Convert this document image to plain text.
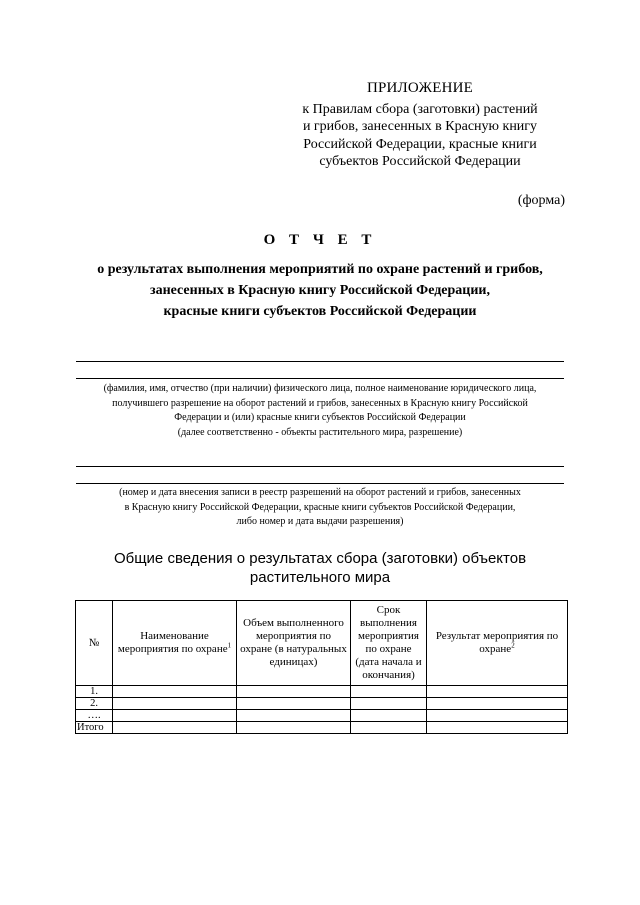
ПРИЛОЖЕНИЕ
к Правилам сбора (заготовки) растений
и грибов, занесенных в Красную книгу
Российской Федерации, красные книги
субъектов Российской Федерации
(форма)
О Т Ч Е Т
о результатах выполнения мероприятий по охране растений и грибов,
занесенных в Красную книгу Российской Федерации,
красные книги субъектов Российской Федерации
(фамилия, имя, отчество (при наличии) физического лица, полное наименование юридического лица,
получившего разрешение на оборот растений и грибов, занесенных в Красную книгу Российской
Федерации и (или) красные книги субъектов Российской Федерации
(далее соответственно - объекты растительного мира, разрешение)
(номер и дата внесения записи в реестр разрешений на оборот растений и грибов, занесенных
в Красную книгу Российской Федерации, красные книги субъектов Российской Федерации,
либо номер и дата выдачи разрешения)
Общие сведения о результатах сбора (заготовки) объектов
растительного мира
№	Наименование мероприятия по охране$^1$	Объем выполненного мероприятия по охране (в натуральных единицах)	Срок выполнения мероприятия по охране (дата начала и окончания)	Результат мероприятия по охране$^2$
1.				
2.				
….				
Итого				
